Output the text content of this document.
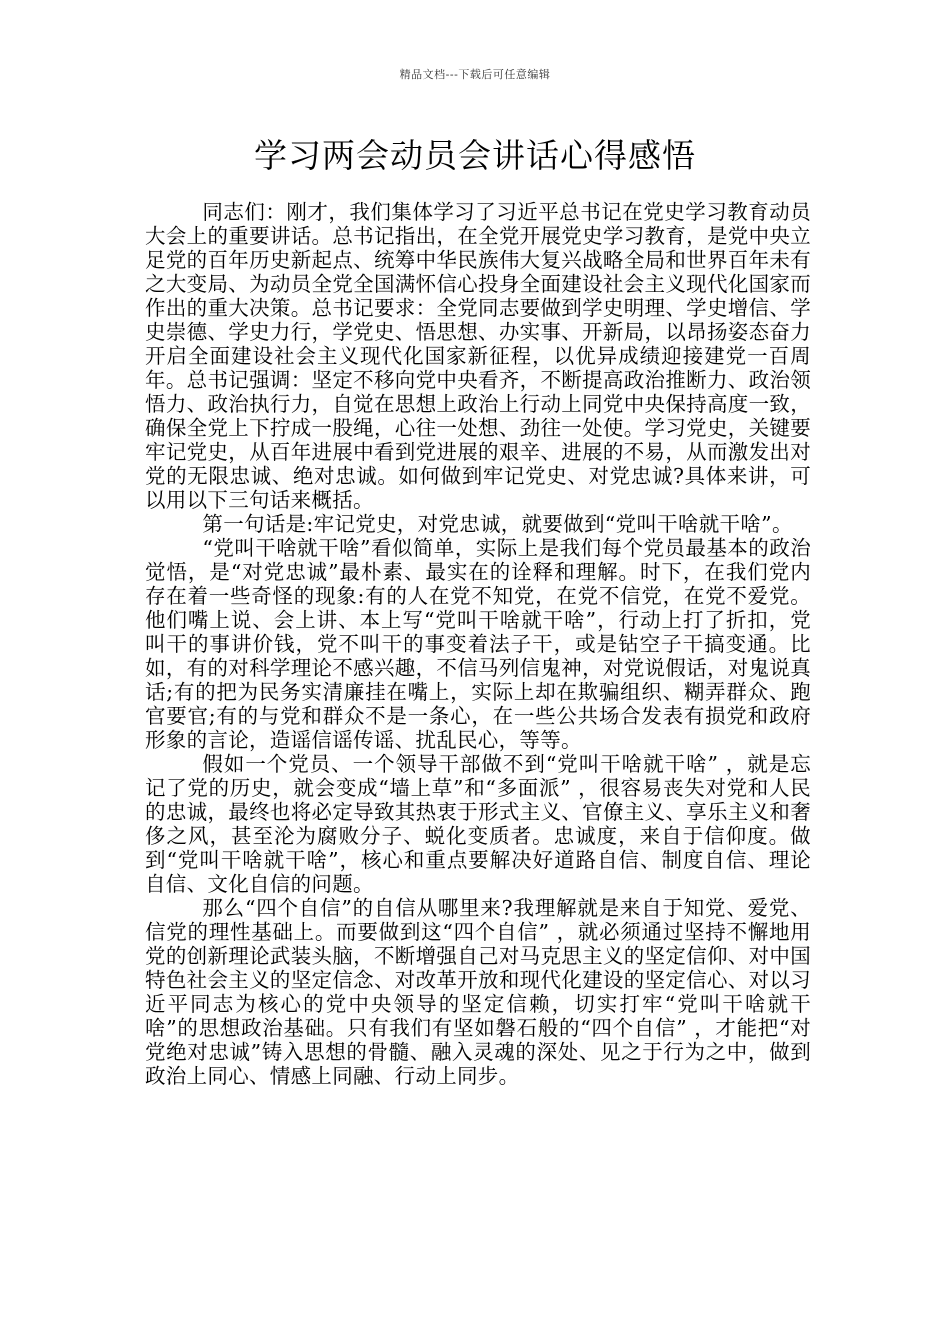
精品文档---下载后可任意编辑
学习两会动员会讲话心得感悟

同志们：刚才，我们集体学习了习近平总书记在党史学习教育动员大会上的重要讲话。总书记指出，在全党开展党史学习教育，是党中央立足党的百年历史新起点、统筹中华民族伟大复兴战略全局和世界百年未有之大变局、为动员全党全国满怀信心投身全面建设社会主义现代化国家而作出的重大决策。总书记要求：全党同志要做到学史明理、学史增信、学史崇德、学史力行，学党史、悟思想、办实事、开新局，以昂扬姿态奋力开启全面建设社会主义现代化国家新征程，以优异成绩迎接建党一百周年。总书记强调：坚定不移向党中央看齐，不断提高政治推断力、政治领悟力、政治执行力，自觉在思想上政治上行动上同党中央保持高度一致，确保全党上下拧成一股绳，心往一处想、劲往一处使。学习党史，关键要牢记党史，从百年进展中看到党进展的艰辛、进展的不易，从而激发出对党的无限忠诚、绝对忠诚。如何做到牢记党史、对党忠诚?具体来讲，可以用以下三句话来概括。

第一句话是:牢记党史，对党忠诚，就要做到“党叫干啥就干啥”。

“党叫干啥就干啥”看似简单，实际上是我们每个党员最基本的政治觉悟，是“对党忠诚”最朴素、最实在的诠释和理解。时下，在我们党内存在着一些奇怪的现象:有的人在党不知党，在党不信党，在党不爱党。他们嘴上说、会上讲、本上写“党叫干啥就干啥”，行动上打了折扣，党叫干的事讲价钱，党不叫干的事变着法子干，或是钻空子干搞变通。比如，有的对科学理论不感兴趣，不信马列信鬼神，对党说假话，对鬼说真话;有的把为民务实清廉挂在嘴上，实际上却在欺骗组织、糊弄群众、跑官要官;有的与党和群众不是一条心，在一些公共场合发表有损党和政府形象的言论，造谣信谣传谣、扰乱民心，等等。

假如一个党员、一个领导干部做不到“党叫干啥就干啥” ，就是忘记了党的历史，就会变成“墙上草”和“多面派” ，很容易丧失对党和人民的忠诚，最终也将必定导致其热衷于形式主义、官僚主义、享乐主义和奢侈之风，甚至沦为腐败分子、蜕化变质者。忠诚度，来自于信仰度。做到“党叫干啥就干啥”，核心和重点要解决好道路自信、制度自信、理论自信、文化自信的问题。

那么“四个自信”的自信从哪里来?我理解就是来自于知党、爱党、信党的理性基础上。而要做到这“四个自信” ，就必须通过坚持不懈地用党的创新理论武装头脑，不断增强自己对马克思主义的坚定信仰、对中国特色社会主义的坚定信念、对改革开放和现代化建设的坚定信心、对以习近平同志为核心的党中央领导的坚定信赖，切实打牢“党叫干啥就干啥”的思想政治基础。只有我们有坚如磐石般的“四个自信” ，才能把“对党绝对忠诚”铸入思想的骨髓、融入灵魂的深处、见之于行为之中，做到政治上同心、情感上同融、行动上同步。
